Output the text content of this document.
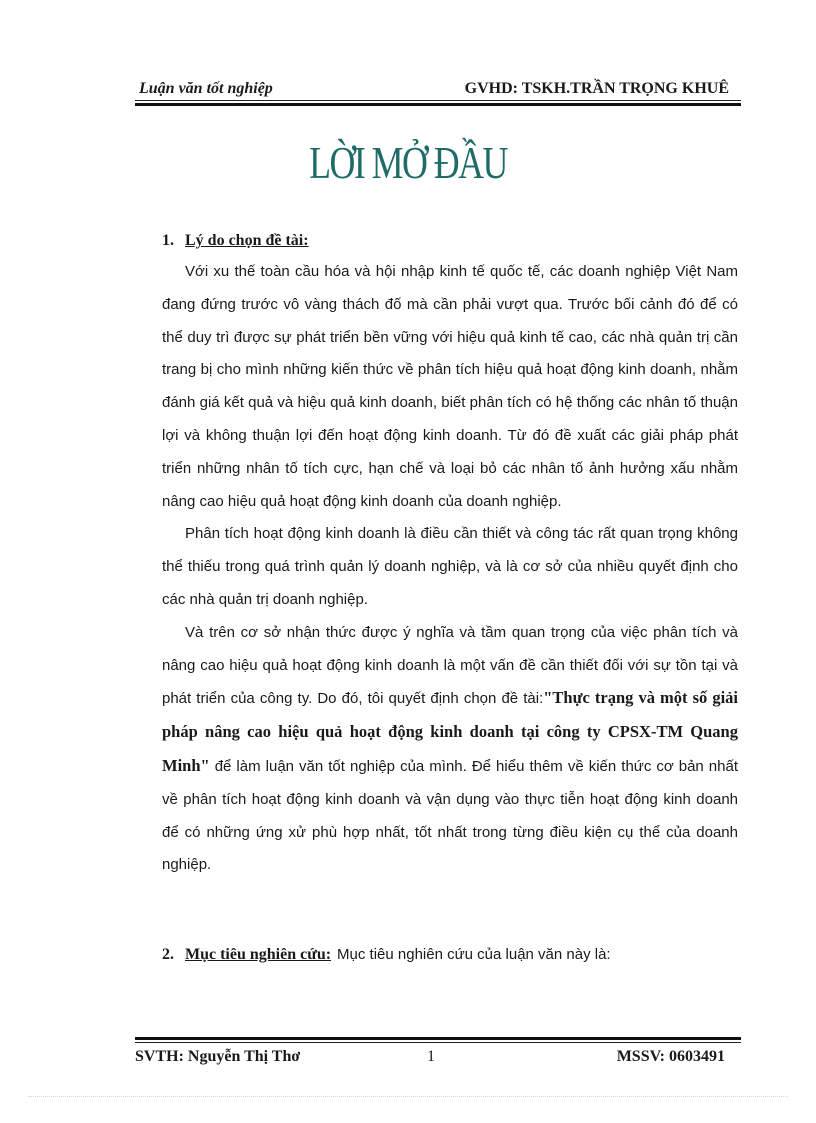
Luận văn tốt nghiệp	GVHD: TSKH.TRẦN TRỌNG KHUÊ
LỜI MỞ ĐẦU
1. Lý do chọn đề tài:

Với xu thế toàn cầu hóa và hội nhập kinh tế quốc tế, các doanh nghiệp Việt Nam đang đứng trước vô vàng thách đố mà cần phải vượt qua. Trước bối cảnh đó để có thể duy trì được sự phát triển bền vững với hiệu quả kinh tế cao, các nhà quản trị cần trang bị cho mình những kiến thức về phân tích hiệu quả hoạt động kinh doanh, nhằm đánh giá kết quả và hiệu quả kinh doanh, biết phân tích có hệ thống các nhân tố thuận lợi và không thuận lợi đến hoạt động kinh doanh. Từ đó đề xuất các giải pháp phát triển những nhân tố tích cực, hạn chế và loại bỏ các nhân tố ảnh hưởng xấu nhằm nâng cao hiệu quả hoạt động kinh doanh của doanh nghiệp.

Phân tích hoạt động kinh doanh là điều cần thiết và công tác rất quan trọng không thể thiếu trong quá trình quản lý doanh nghiệp, và là cơ sở của nhiều quyết định cho các nhà quản trị doanh nghiệp.

Và trên cơ sở nhận thức được ý nghĩa và tầm quan trọng của việc phân tích và nâng cao hiệu quả hoạt động kinh doanh là một vấn đề cần thiết đối với sự tồn tại và phát triển của công ty. Do đó, tôi quyết định chọn đề tài:"Thực trạng và một số giải pháp nâng cao hiệu quả hoạt động kinh doanh tại công ty CPSX-TM Quang Minh" để làm luận văn tốt nghiệp của mình. Để hiểu thêm về kiến thức cơ bản nhất về phân tích hoạt động kinh doanh và vận dụng vào thực tiễn hoạt động kinh doanh để có những ứng xử phù hợp nhất, tốt nhất trong từng điều kiện cụ thể của doanh nghiệp.

2. Mục tiêu nghiên cứu: Mục tiêu nghiên cứu của luận văn này là:
SVTH: Nguyễn Thị Thơ	1	MSSV: 0603491
